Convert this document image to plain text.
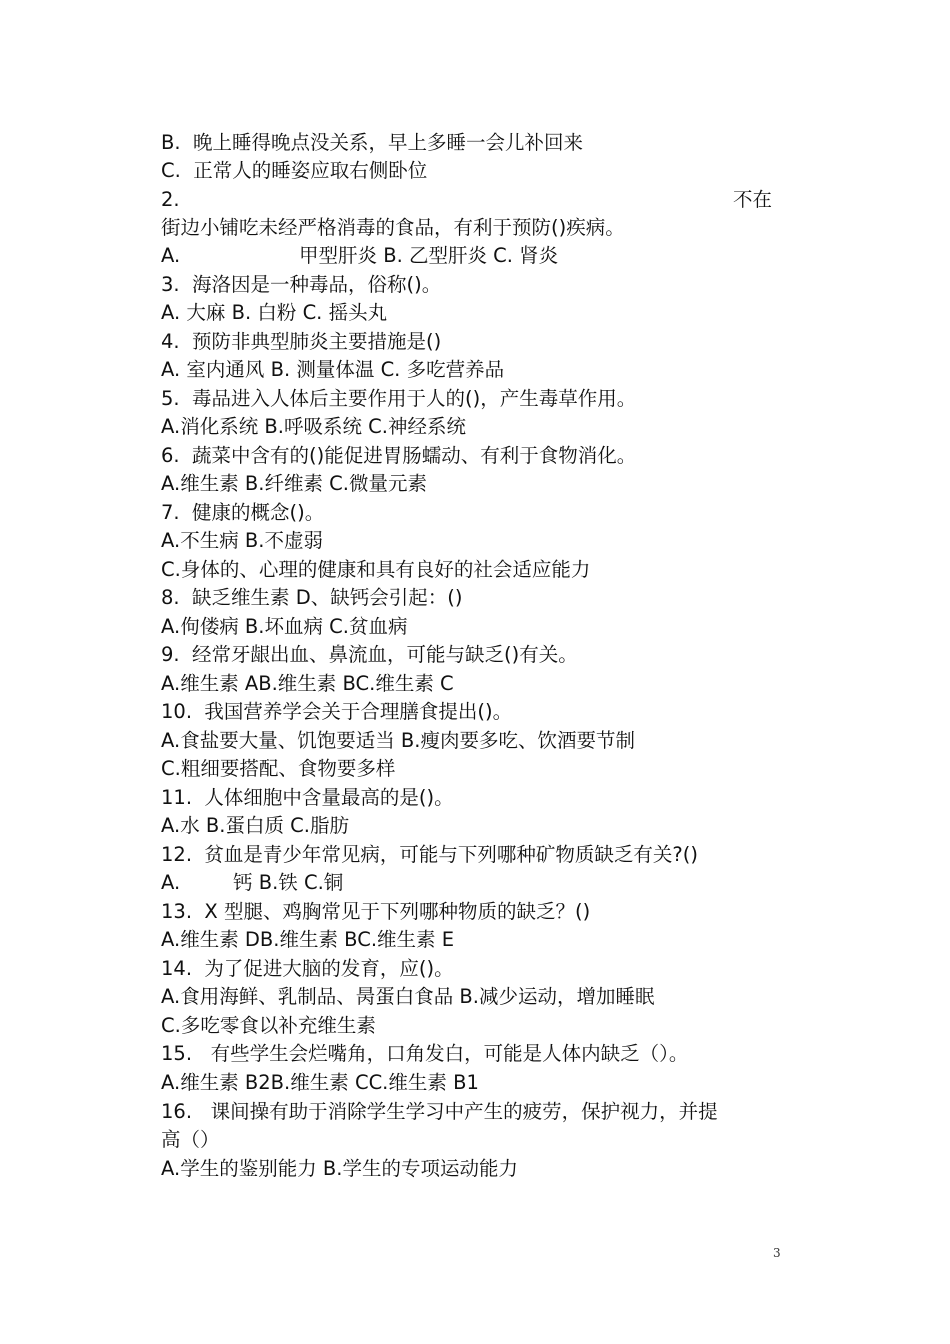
B.  晚上睡得晚点没关系，早上多睡一会儿补回来
C.  正常人的睡姿应取右侧卧位
2.	不在
街边小铺吃未经严格消毒的食品，有利于预防()疾病。
A.	甲型肝炎 B. 乙型肝炎 C. 肾炎
3.  海洛因是一种毒品，俗称()。
A. 大麻 B. 白粉 C. 摇头丸
4.  预防非典型肺炎主要措施是()
A. 室内通风 B. 测量体温 C. 多吃营养品
5.  毒品进入人体后主要作用于人的()，产生毒草作用。
A.消化系统 B.呼吸系统 C.神经系统
6.  蔬菜中含有的()能促进胃肠蠕动、有利于食物消化。
A.维生素 B.纤维素 C.微量元素
7.  健康的概念()。
A.不生病 B.不虚弱
C.身体的、心理的健康和具有良好的社会适应能力
8.  缺乏维生素 D、缺钙会引起：()
A.佝偻病 B.坏血病 C.贫血病
9.  经常牙龈出血、鼻流血，可能与缺乏()有关。
A.维生素 AB.维生素 BC.维生素 C
10.  我国营养学会关于合理膳食提出()。
A.食盐要大量、饥饱要适当 B.瘦肉要多吃、饮酒要节制
C.粗细要搭配、食物要多样
11.  人体细胞中含量最高的是()。
A.水 B.蛋白质 C.脂肪
12.  贫血是青少年常见病，可能与下列哪种矿物质缺乏有关?()
A.	钙 B.铁 C.铜
13.  X 型腿、鸡胸常见于下列哪种物质的缺乏？()
A.维生素 DB.维生素 BC.维生素 E
14.  为了促进大脑的发育，应()。
A.食用海鲜、乳制品、昺蛋白食品 B.减少运动，增加睡眠
C.多吃零食以补充维生素
15.   有些学生会烂嘴角，口角发白，可能是人体内缺乏（）。
A.维生素 B2B.维生素 CC.维生素 B1
16.   课间操有助于消除学生学习中产生的疲劳，保护视力，并提
高（）
A.学生的鉴别能力 B.学生的专项运动能力
3
